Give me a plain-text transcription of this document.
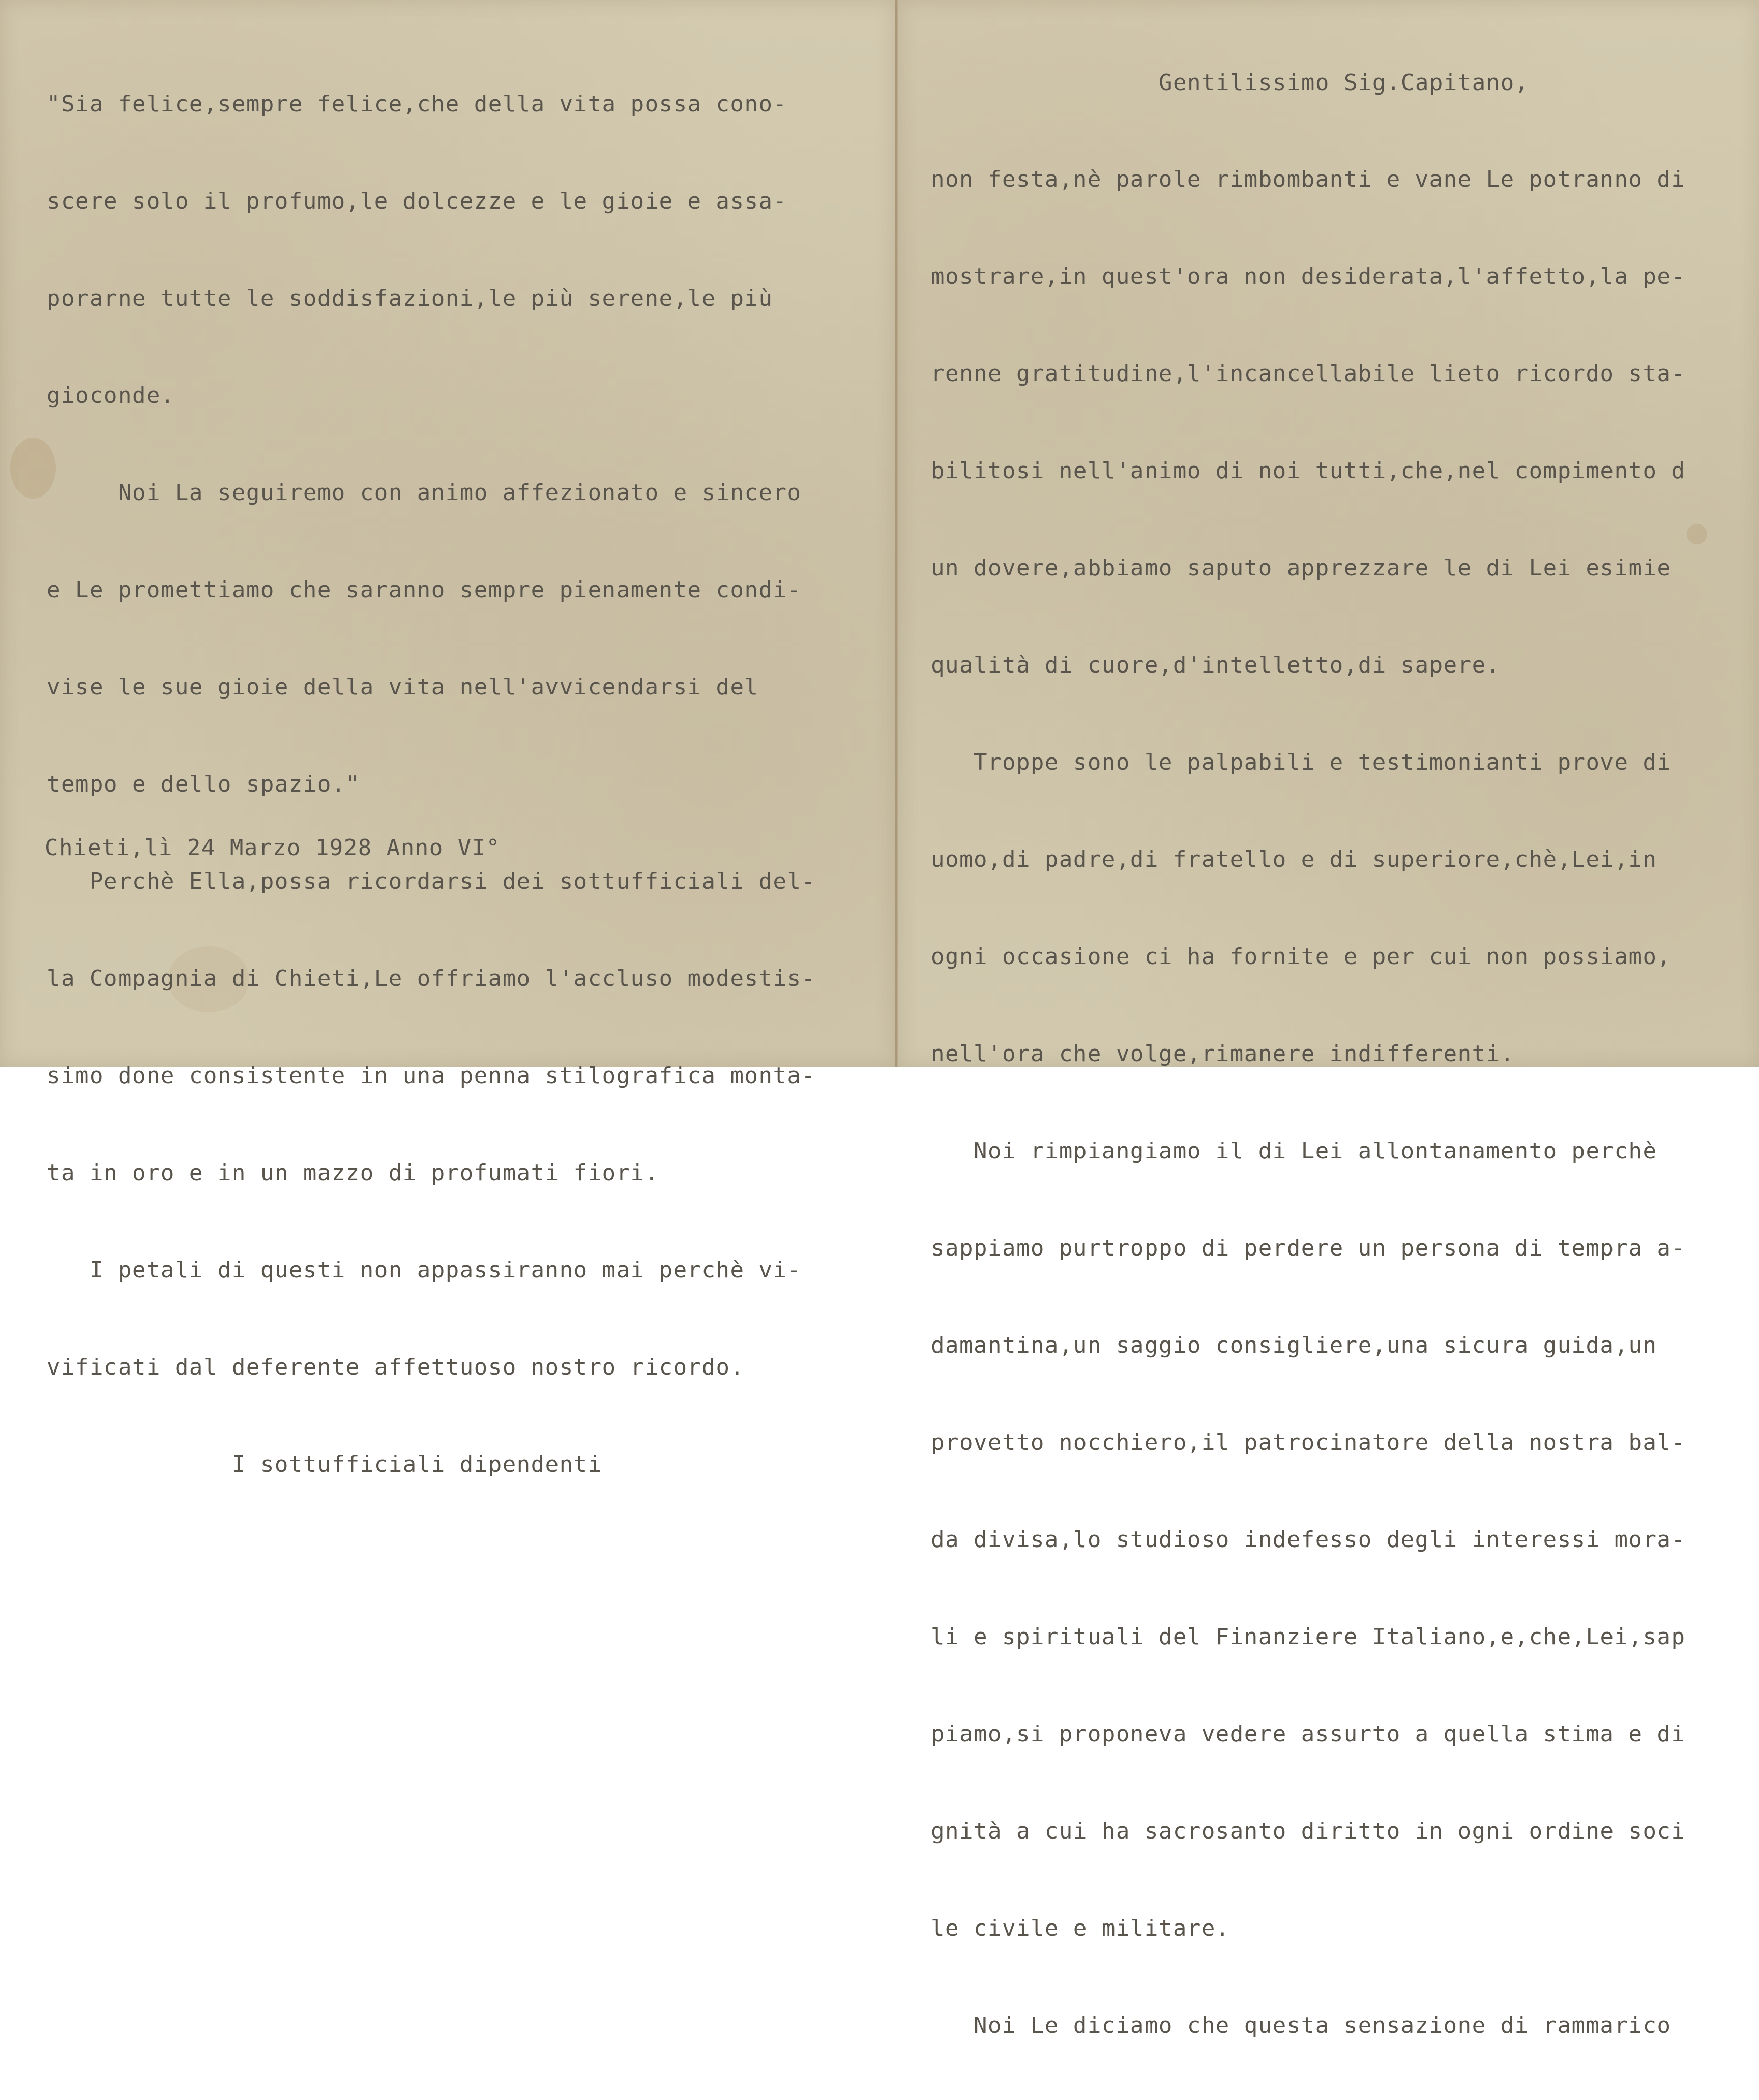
"Sia felice,sempre felice,che della vita possa cono-

scere solo il profumo,le dolcezze e le gioie e assa-

porarne tutte le soddisfazioni,le più serene,le più

gioconde.

Noi La seguiremo con animo affezionato e sincero

e Le promettiamo che saranno sempre pienamente condi-

vise le sue gioie della vita nell'avvicendarsi del

tempo e dello spazio."

Perchè Ella,possa ricordarsi dei sottufficiali del-

la Compagnia di Chieti,Le offriamo l'accluso modestis-

simo done consistente in una penna stilografica monta-

ta in oro e in un mazzo di profumati fiori.

I petali di questi non appassiranno mai perchè vi-

vificati dal deferente affettuoso nostro ricordo.

I sottufficiali dipendenti

Chieti,lì 24 Marzo 1928 Anno VI°
Gentilissimo Sig.Capitano,

non festa,nè parole rimbombanti e vane Le potranno di

mostrare,in quest'ora non desiderata,l'affetto,la pe-

renne gratitudine,l'incancellabile lieto ricordo sta-

bilitosi nell'animo di noi tutti,che,nel compimento d

un dovere,abbiamo saputo apprezzare le di Lei esimie

qualità di cuore,d'intelletto,di sapere.

Troppe sono le palpabili e testimonianti prove di

uomo,di padre,di fratello e di superiore,chè,Lei,in

ogni occasione ci ha fornite e per cui non possiamo,

nell'ora che volge,rimanere indifferenti.

Noi rimpiangiamo il di Lei allontanamento perchè

sappiamo purtroppo di perdere un persona di tempra a-

damantina,un saggio consigliere,una sicura guida,un

provetto nocchiero,il patrocinatore della nostra bal-

da divisa,lo studioso indefesso degli interessi mora-

li e spirituali del Finanziere Italiano,e,che,Lei,sap

piamo,si proponeva vedere assurto a quella stima e di

gnità a cui ha sacrosanto diritto in ogni ordine soci

le civile e militare.

Noi Le diciamo che questa sensazione di rammarico
